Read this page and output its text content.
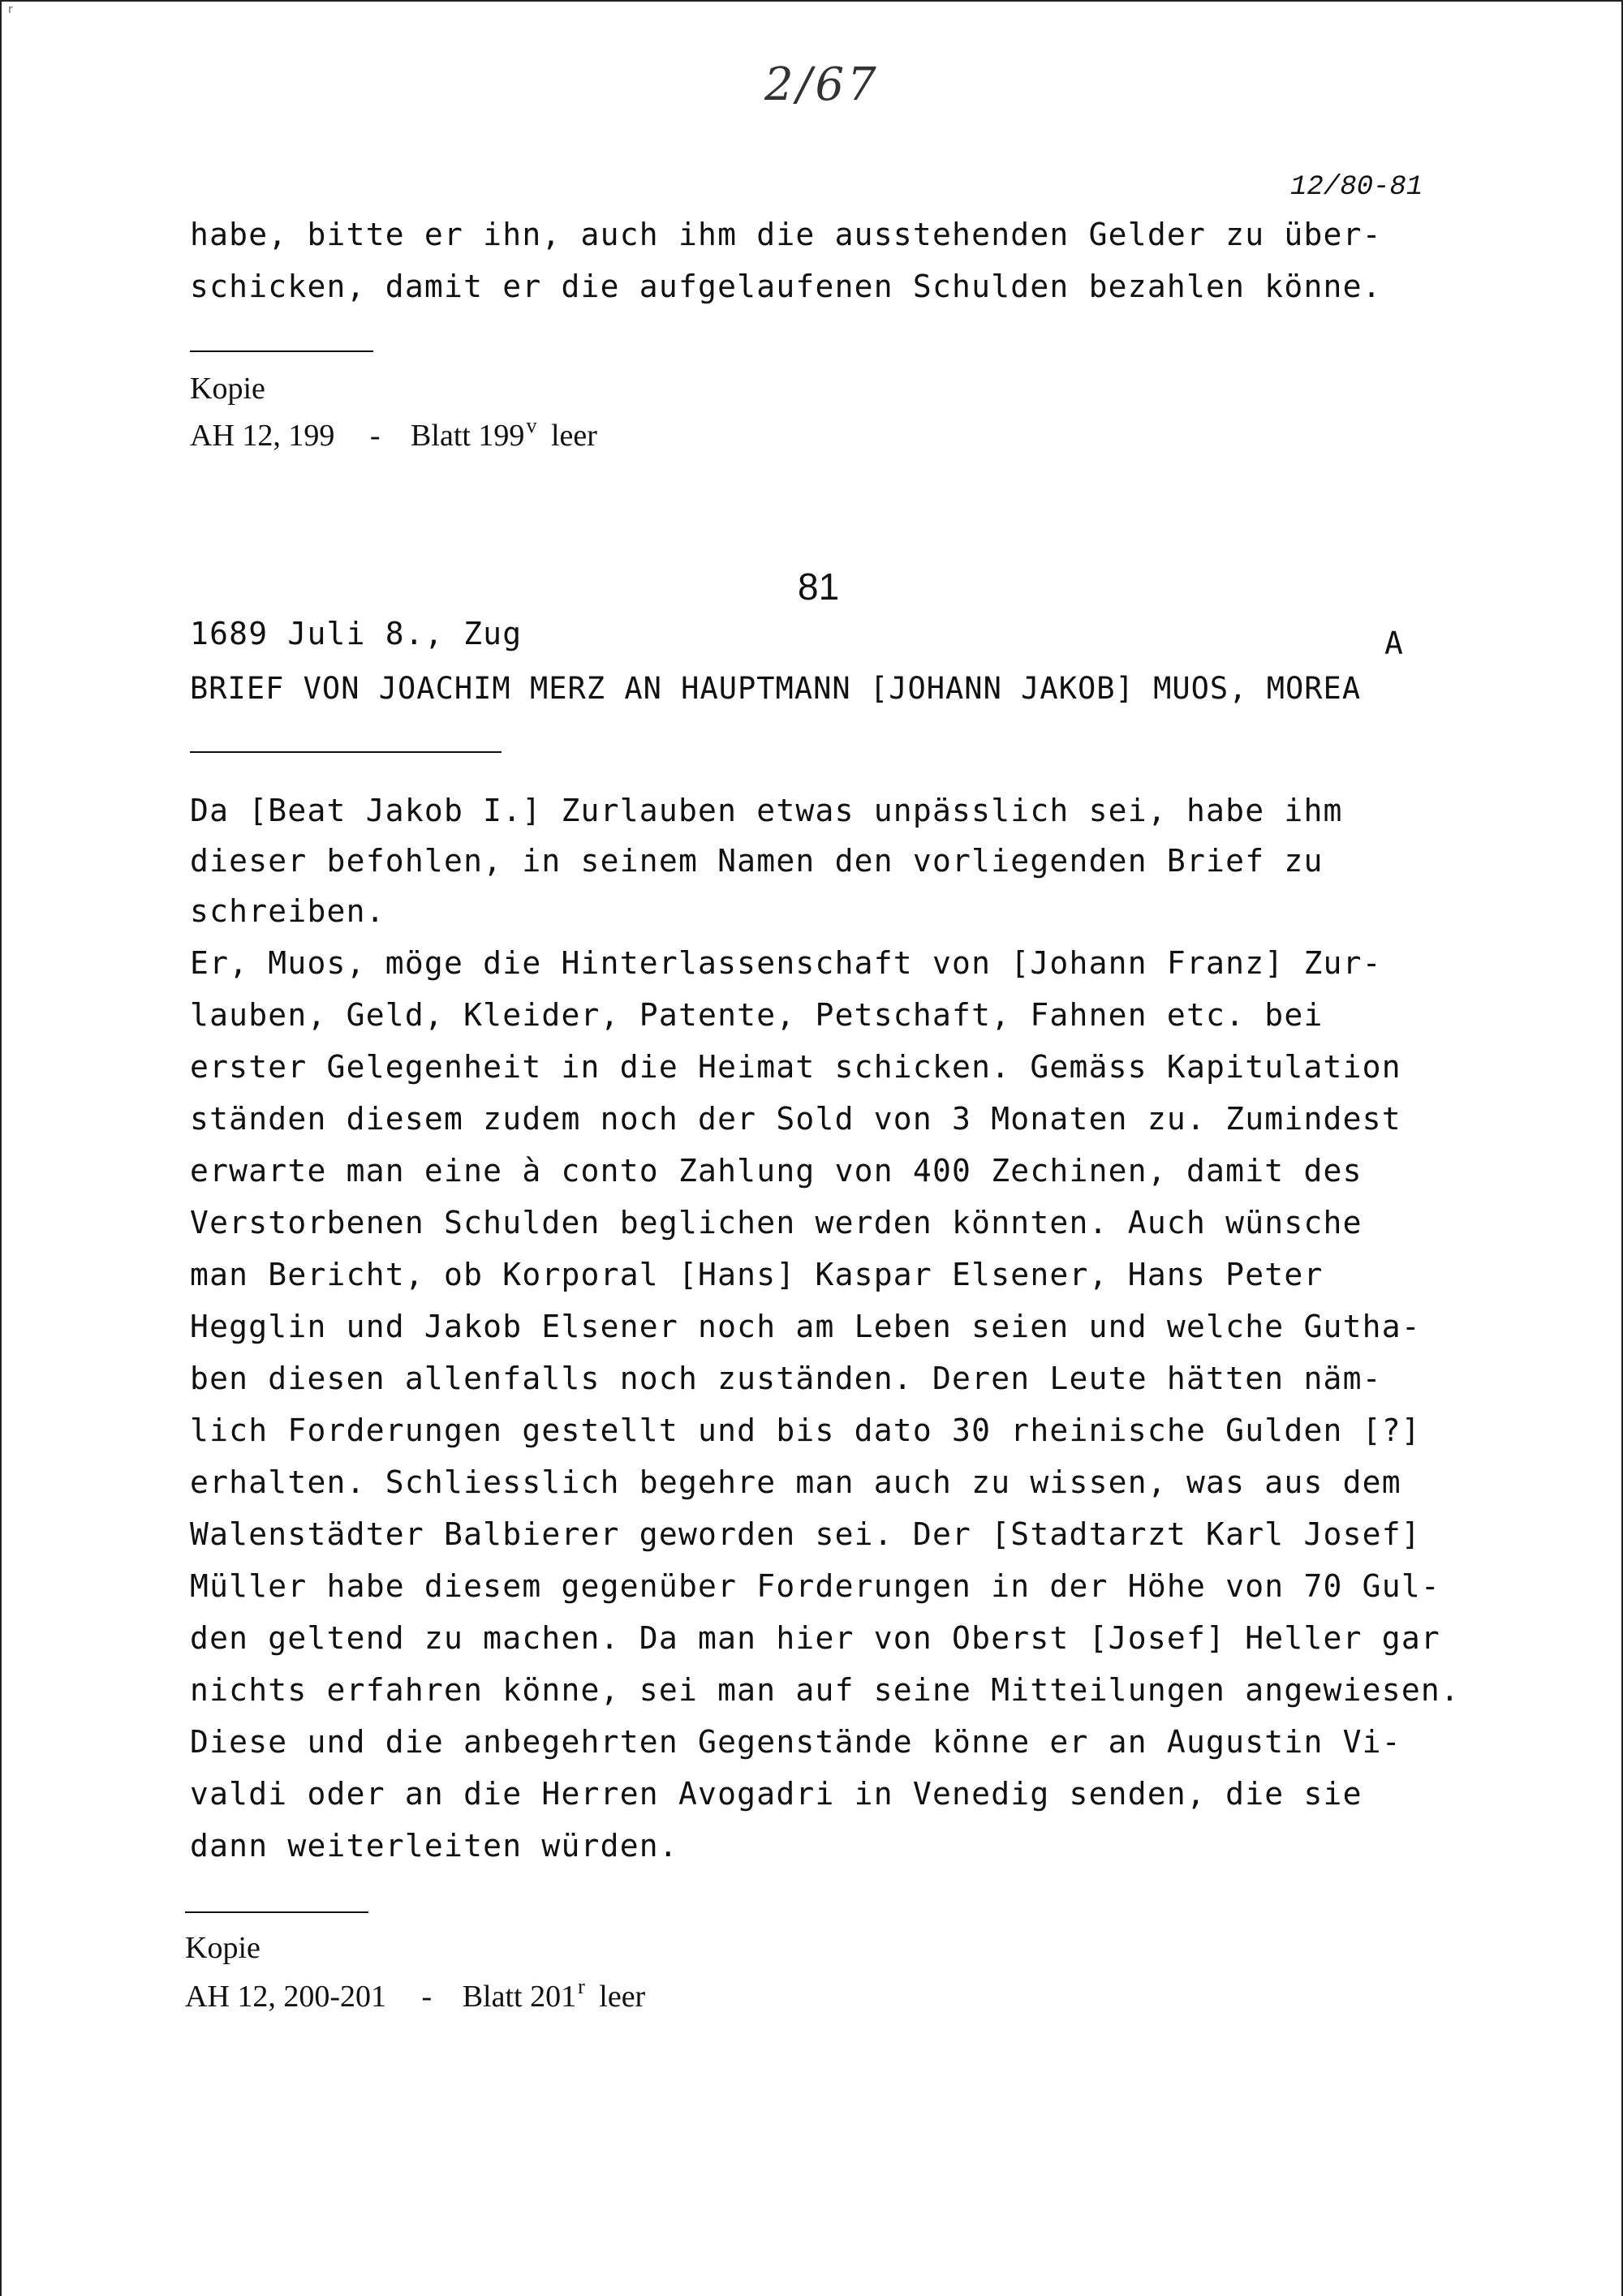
r
2/67
12/80-81
habe, bitte er ihn, auch ihm die ausstehenden Gelder zu über-
schicken, damit er die aufgelaufenen Schulden bezahlen könne.
Kopie
AH 12, 199 - Blatt 199$^v$ leer
81
1689 Juli 8., Zug	A
BRIEF VON JOACHIM MERZ AN HAUPTMANN [JOHANN JAKOB] MUOS, MOREA
Da [Beat Jakob I.] Zurlauben etwas unpässlich sei, habe ihm
dieser befohlen, in seinem Namen den vorliegenden Brief zu
schreiben.
Er, Muos, möge die Hinterlassenschaft von [Johann Franz] Zur-
lauben, Geld, Kleider, Patente, Petschaft, Fahnen etc. bei
erster Gelegenheit in die Heimat schicken. Gemäss Kapitulation
ständen diesem zudem noch der Sold von 3 Monaten zu. Zumindest
erwarte man eine à conto Zahlung von 400 Zechinen, damit des
Verstorbenen Schulden beglichen werden könnten. Auch wünsche
man Bericht, ob Korporal [Hans] Kaspar Elsener, Hans Peter
Hegglin und Jakob Elsener noch am Leben seien und welche Gutha-
ben diesen allenfalls noch zuständen. Deren Leute hätten näm-
lich Forderungen gestellt und bis dato 30 rheinische Gulden [?]
erhalten. Schliesslich begehre man auch zu wissen, was aus dem
Walenstädter Balbierer geworden sei. Der [Stadtarzt Karl Josef]
Müller habe diesem gegenüber Forderungen in der Höhe von 70 Gul-
den geltend zu machen. Da man hier von Oberst [Josef] Heller gar
nichts erfahren könne, sei man auf seine Mitteilungen angewiesen.
Diese und die anbegehrten Gegenstände könne er an Augustin Vi-
valdi oder an die Herren Avogadri in Venedig senden, die sie
dann weiterleiten würden.
Kopie
AH 12, 200-201 - Blatt 201$^r$ leer
